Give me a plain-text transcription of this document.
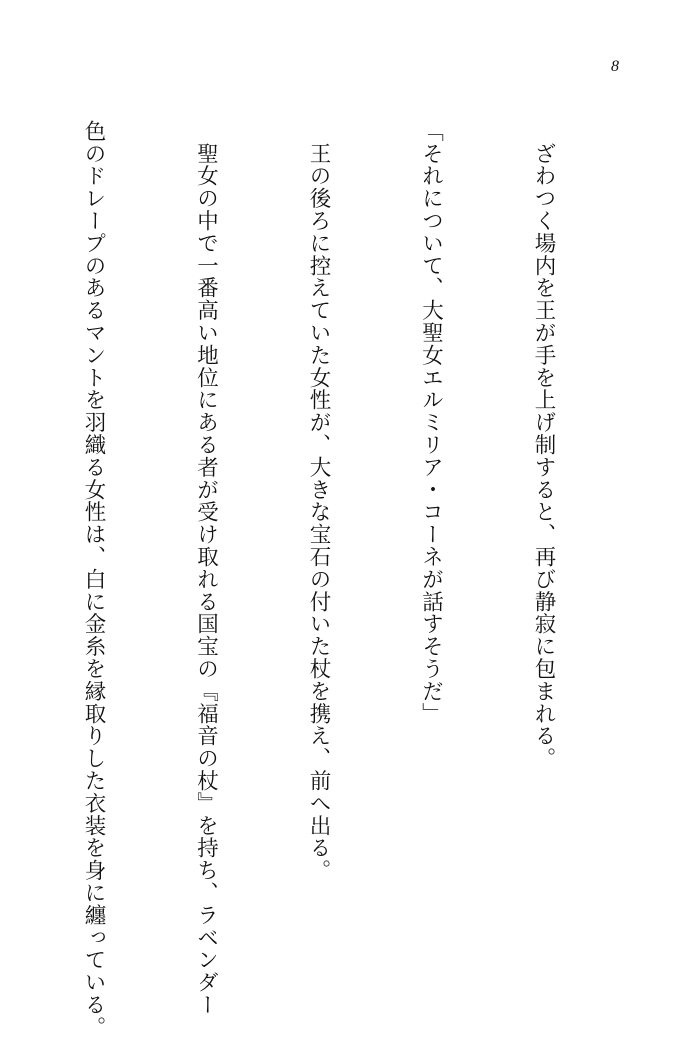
8

　ざわつく場内を王が手を上げ制すると、再び静寂に包まれる。

「それについて、大聖女エルミリア・コーネが話すそうだ」

　王の後ろに控えていた女性が、大きな宝石の付いた杖を携え、前へ出る。

　聖女の中で一番高い地位にある者が受け取れる国宝の『福音の杖』を持ち、ラベンダー

色のドレープのあるマントを羽織る女性は、白に金糸を縁取りした衣装を身に纏っている。
